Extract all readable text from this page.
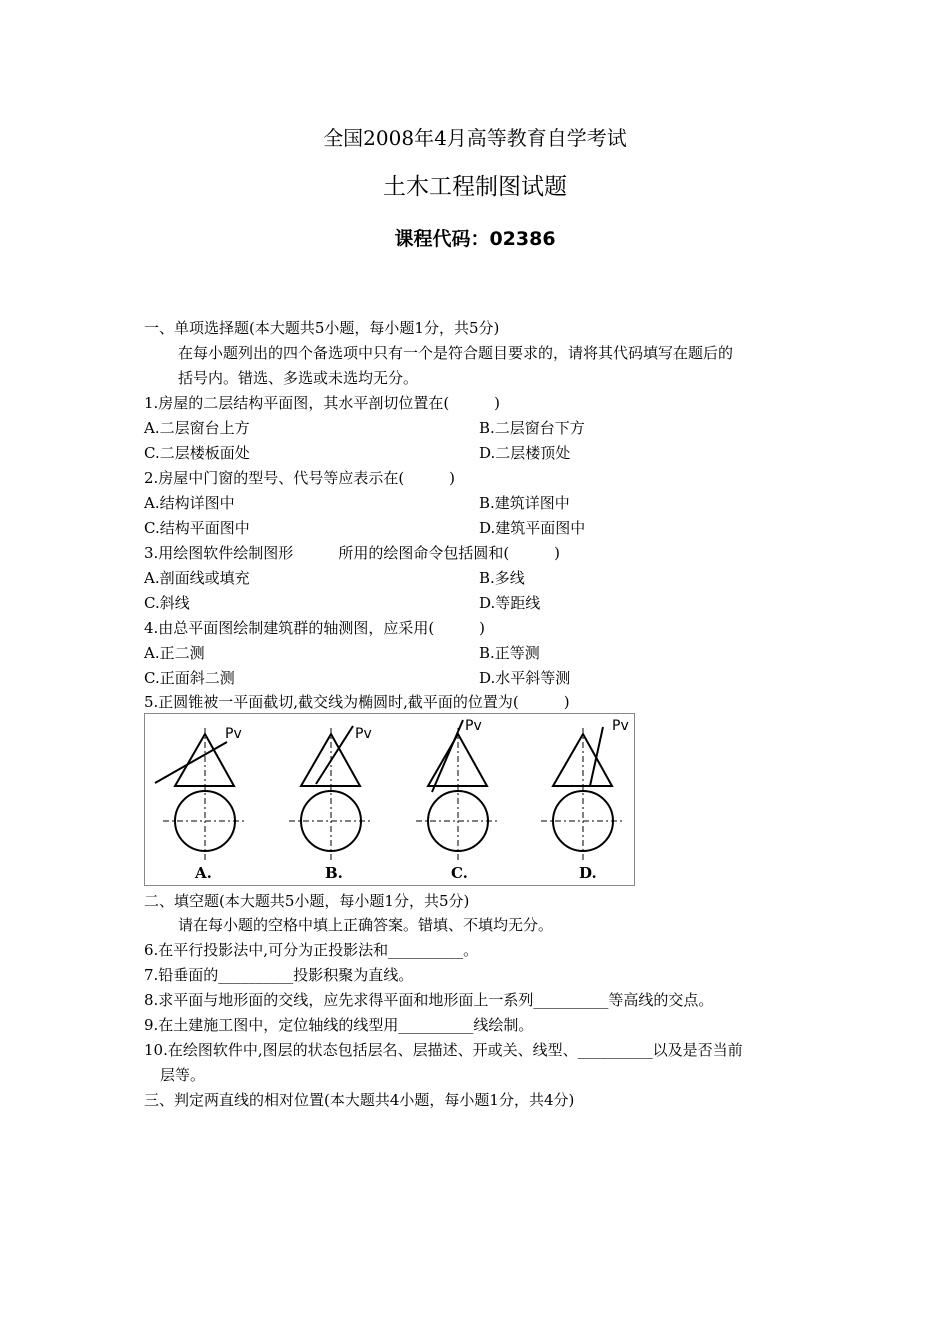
全国2008年4月高等教育自学考试
土木工程制图试题
课程代码：02386
一、单项选择题(本大题共5小题，每小题1分，共5分)
在每小题列出的四个备选项中只有一个是符合题目要求的，请将其代码填写在题后的
括号内。错选、多选或未选均无分。
1.房屋的二层结构平面图，其水平剖切位置在(　　　)
A.二层窗台上方	B.二层窗台下方
C.二层楼板面处	D.二层楼顶处
2.房屋中门窗的型号、代号等应表示在(　　　)
A.结构详图中	B.建筑详图中
C.结构平面图中	D.建筑平面图中
3.用绘图软件绘制图形　　　所用的绘图命令包括圆和(　　　)
A.剖面线或填充	B.多线
C.斜线	D.等距线
4.由总平面图绘制建筑群的轴测图，应采用(　　　)
A.正二测	B.正等测
C.正面斜二测	D.水平斜等测
5.正圆锥被一平面截切,截交线为椭圆时,截平面的位置为(　　　)
Pv	Pv	Pv	Pv
A.	B.	C.	D.
二、填空题(本大题共5小题，每小题1分，共5分)
请在每小题的空格中填上正确答案。错填、不填均无分。
6.在平行投影法中,可分为正投影法和__________。
7.铅垂面的__________投影积聚为直线。
8.求平面与地形面的交线，应先求得平面和地形面上一系列__________等高线的交点。
9.在土建施工图中，定位轴线的线型用__________线绘制。
10.在绘图软件中,图层的状态包括层名、层描述、开或关、线型、__________以及是否当前
层等。
三、判定两直线的相对位置(本大题共4小题，每小题1分，共4分)
